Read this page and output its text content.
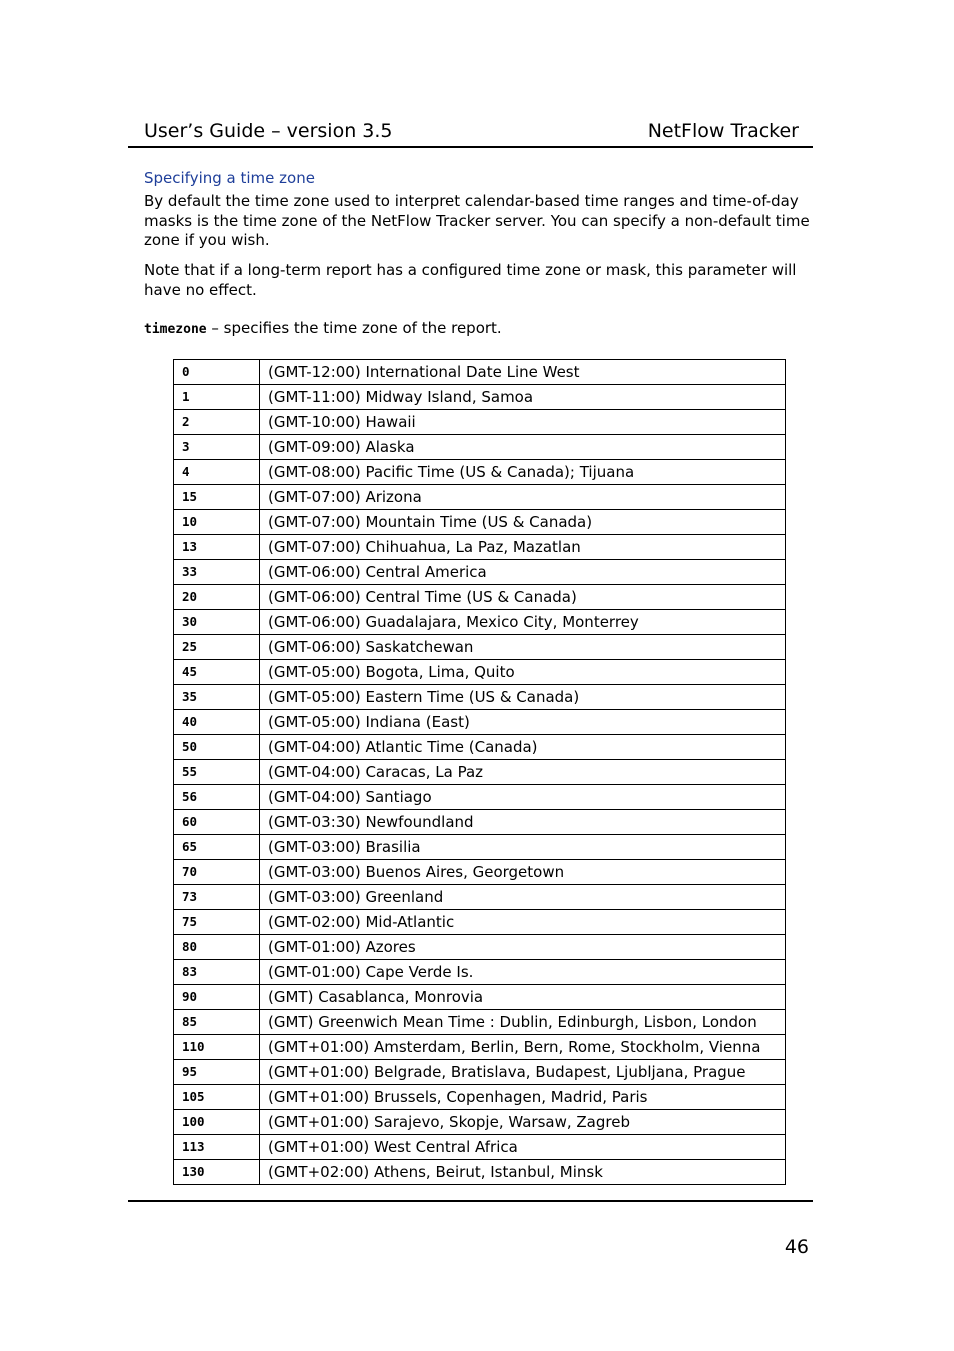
User’s Guide – version 3.5	NetFlow Tracker
Specifying a time zone

By default the time zone used to interpret calendar-based time ranges and time-of-day masks is the time zone of the NetFlow Tracker server. You can specify a non-default time zone if you wish.

Note that if a long-term report has a configured time zone or mask, this parameter will have no effect.

timezone – specifies the time zone of the report.
0	(GMT-12:00) International Date Line West
1	(GMT-11:00) Midway Island, Samoa
2	(GMT-10:00) Hawaii
3	(GMT-09:00) Alaska
4	(GMT-08:00) Pacific Time (US & Canada); Tijuana
15	(GMT-07:00) Arizona
10	(GMT-07:00) Mountain Time (US & Canada)
13	(GMT-07:00) Chihuahua, La Paz, Mazatlan
33	(GMT-06:00) Central America
20	(GMT-06:00) Central Time (US & Canada)
30	(GMT-06:00) Guadalajara, Mexico City, Monterrey
25	(GMT-06:00) Saskatchewan
45	(GMT-05:00) Bogota, Lima, Quito
35	(GMT-05:00) Eastern Time (US & Canada)
40	(GMT-05:00) Indiana (East)
50	(GMT-04:00) Atlantic Time (Canada)
55	(GMT-04:00) Caracas, La Paz
56	(GMT-04:00) Santiago
60	(GMT-03:30) Newfoundland
65	(GMT-03:00) Brasilia
70	(GMT-03:00) Buenos Aires, Georgetown
73	(GMT-03:00) Greenland
75	(GMT-02:00) Mid-Atlantic
80	(GMT-01:00) Azores
83	(GMT-01:00) Cape Verde Is.
90	(GMT) Casablanca, Monrovia
85	(GMT) Greenwich Mean Time : Dublin, Edinburgh, Lisbon, London
110	(GMT+01:00) Amsterdam, Berlin, Bern, Rome, Stockholm, Vienna
95	(GMT+01:00) Belgrade, Bratislava, Budapest, Ljubljana, Prague
105	(GMT+01:00) Brussels, Copenhagen, Madrid, Paris
100	(GMT+01:00) Sarajevo, Skopje, Warsaw, Zagreb
113	(GMT+01:00) West Central Africa
130	(GMT+02:00) Athens, Beirut, Istanbul, Minsk
46
